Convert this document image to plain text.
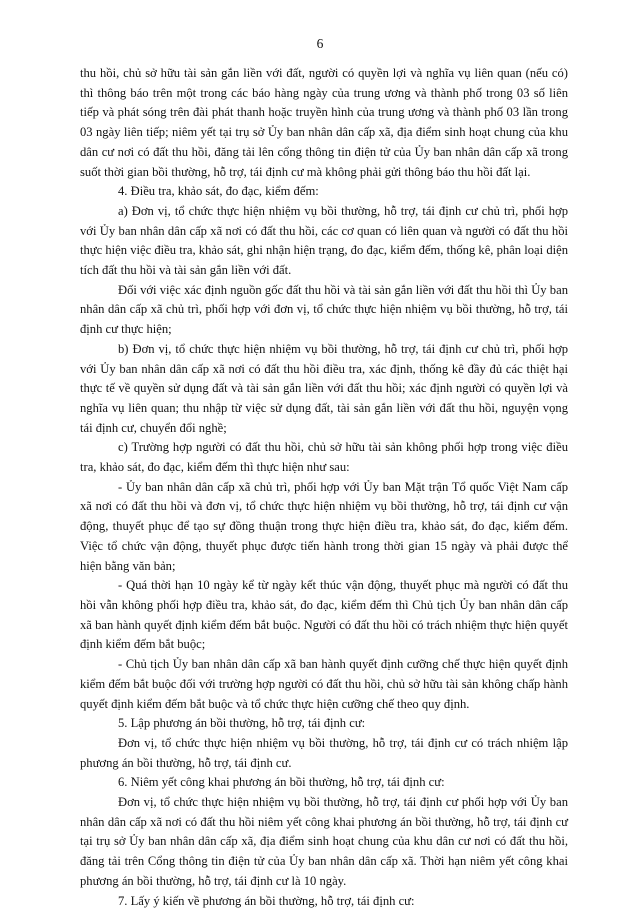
6

thu hồi, chủ sở hữu tài sản gắn liền với đất, người có quyền lợi và nghĩa vụ liên quan (nếu có) thì thông báo trên một trong các báo hàng ngày của trung ương và thành phố trong 03 số liên tiếp và phát sóng trên đài phát thanh hoặc truyền hình của trung ương và thành phố 03 lần trong 03 ngày liên tiếp; niêm yết tại trụ sở Ủy ban nhân dân cấp xã, địa điểm sinh hoạt chung của khu dân cư nơi có đất thu hồi, đăng tải lên cổng thông tin điện tử của Ủy ban nhân dân cấp xã trong suốt thời gian bồi thường, hỗ trợ, tái định cư mà không phải gửi thông báo thu hồi đất lại.

4. Điều tra, khảo sát, đo đạc, kiểm đếm:

a) Đơn vị, tổ chức thực hiện nhiệm vụ bồi thường, hỗ trợ, tái định cư chủ trì, phối hợp với Ủy ban nhân dân cấp xã nơi có đất thu hồi, các cơ quan có liên quan và người có đất thu hồi thực hiện việc điều tra, khảo sát, ghi nhận hiện trạng, đo đạc, kiểm đếm, thống kê, phân loại diện tích đất thu hồi và tài sản gắn liền với đất.

Đối với việc xác định nguồn gốc đất thu hồi và tài sản gắn liền với đất thu hồi thì Ủy ban nhân dân cấp xã chủ trì, phối hợp với đơn vị, tổ chức thực hiện nhiệm vụ bồi thường, hỗ trợ, tái định cư thực hiện;

b) Đơn vị, tổ chức thực hiện nhiệm vụ bồi thường, hỗ trợ, tái định cư chủ trì, phối hợp với Ủy ban nhân dân cấp xã nơi có đất thu hồi điều tra, xác định, thống kê đầy đủ các thiệt hại thực tế về quyền sử dụng đất và tài sản gắn liền với đất thu hồi; xác định người có quyền lợi và nghĩa vụ liên quan; thu nhập từ việc sử dụng đất, tài sản gắn liền với đất thu hồi, nguyện vọng tái định cư, chuyển đổi nghề;

c) Trường hợp người có đất thu hồi, chủ sở hữu tài sản không phối hợp trong việc điều tra, khảo sát, đo đạc, kiểm đếm thì thực hiện như sau:

- Ủy ban nhân dân cấp xã chủ trì, phối hợp với Ủy ban Mặt trận Tổ quốc Việt Nam cấp xã nơi có đất thu hồi và đơn vị, tổ chức thực hiện nhiệm vụ bồi thường, hỗ trợ, tái định cư vận động, thuyết phục để tạo sự đồng thuận trong thực hiện điều tra, khảo sát, đo đạc, kiểm đếm. Việc tổ chức vận động, thuyết phục được tiến hành trong thời gian 15 ngày và phải được thể hiện bằng văn bản;

- Quá thời hạn 10 ngày kể từ ngày kết thúc vận động, thuyết phục mà người có đất thu hồi vẫn không phối hợp điều tra, khảo sát, đo đạc, kiểm đếm thì Chủ tịch Ủy ban nhân dân cấp xã ban hành quyết định kiểm đếm bắt buộc. Người có đất thu hồi có trách nhiệm thực hiện quyết định kiểm đếm bắt buộc;

- Chủ tịch Ủy ban nhân dân cấp xã ban hành quyết định cưỡng chế thực hiện quyết định kiểm đếm bắt buộc đối với trường hợp người có đất thu hồi, chủ sở hữu tài sản không chấp hành quyết định kiểm đếm bắt buộc và tổ chức thực hiện cưỡng chế theo quy định.

5. Lập phương án bồi thường, hỗ trợ, tái định cư:

Đơn vị, tổ chức thực hiện nhiệm vụ bồi thường, hỗ trợ, tái định cư có trách nhiệm lập phương án bồi thường, hỗ trợ, tái định cư.

6. Niêm yết công khai phương án bồi thường, hỗ trợ, tái định cư:

Đơn vị, tổ chức thực hiện nhiệm vụ bồi thường, hỗ trợ, tái định cư phối hợp với Ủy ban nhân dân cấp xã nơi có đất thu hồi niêm yết công khai phương án bồi thường, hỗ trợ, tái định cư tại trụ sở Ủy ban nhân dân cấp xã, địa điểm sinh hoạt chung của khu dân cư nơi có đất thu hồi, đăng tải trên Cổng thông tin điện tử của Ủy ban nhân dân cấp xã. Thời hạn niêm yết công khai phương án bồi thường, hỗ trợ, tái định cư là 10 ngày.

7. Lấy ý kiến về phương án bồi thường, hỗ trợ, tái định cư:
